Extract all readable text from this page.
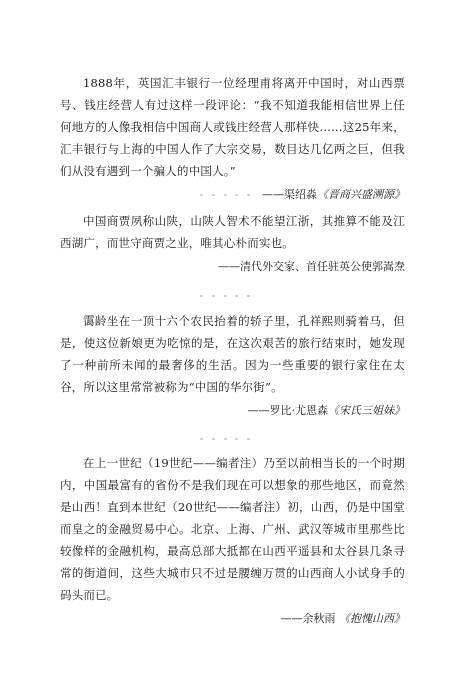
1888年，英国汇丰银行一位经理甫将离开中国时，对山西票号、钱庄经营人有过这样一段评论：“我不知道我能相信世界上任何地方的人像我相信中国商人或钱庄经营人那样快……这25年来，汇丰银行与上海的中国人作了大宗交易，数目达几亿两之巨，但我们从没有遇到一个骗人的中国人。”

——渠绍淼《晋商兴盛溯源》

中国商贾夙称山陕，山陕人智术不能望江浙，其推算不能及江西湖广，而世守商贾之业，唯其心朴而实也。

——清代外交家、首任驻英公使郭嵩焘

霭龄坐在一顶十六个农民抬着的轿子里，孔祥熙则骑着马，但是，使这位新娘更为吃惊的是，在这次艰苦的旅行结束时，她发现了一种前所未闻的最奢侈的生活。因为一些重要的银行家住在太谷，所以这里常常被称为“中国的华尔街”。

——罗比·尤恩森《宋氏三姐妹》

在上一世纪（19世纪——编者注）乃至以前相当长的一个时期内，中国最富有的省份不是我们现在可以想象的那些地区，而竟然是山西！直到本世纪（20世纪——编者注）初，山西，仍是中国堂而皇之的金融贸易中心。北京、上海、广州、武汉等城市里那些比较像样的金融机构，最高总部大抵都在山西平遥县和太谷县几条寻常的街道间，这些大城市只不过是腰缠万贯的山西商人小试身手的码头而已。

——余秋雨 《抱愧山西》
